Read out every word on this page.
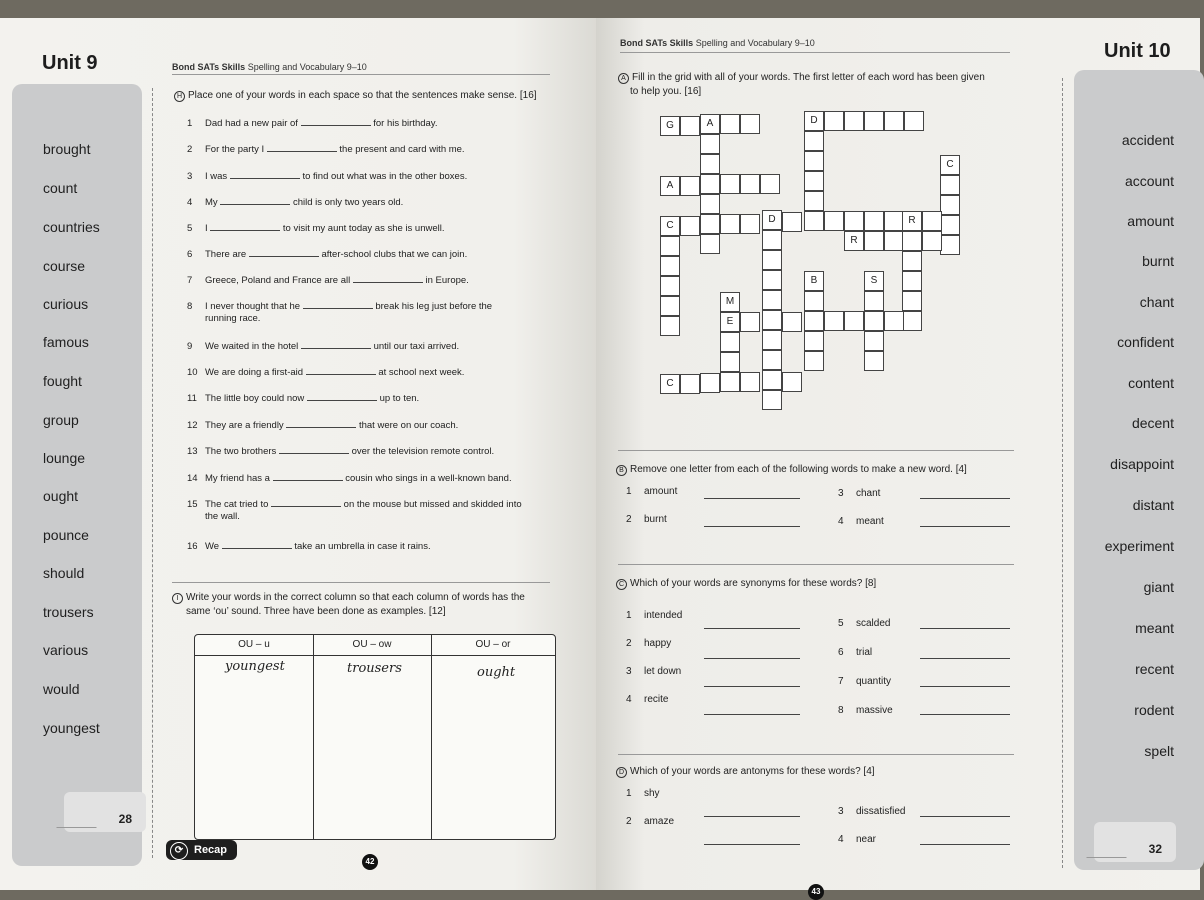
Unit 9
brought
count
countries
course
curious
famous
fought
group
lounge
ought
pounce
should
trousers
various
would
youngest
28
Bond SATs Skills Spelling and Vocabulary 9–10
H Place one of your words in each space so that the sentences make sense. [16]
1 Dad had a new pair of	for his birthday.
2 For the party I	the present and card with me.
3 I was	to find out what was in the other boxes.
4 My	child is only two years old.
5 I	to visit my aunt today as she is unwell.
6 There are	after-school clubs that we can join.
7 Greece, Poland and France are all	in Europe.
8 I never thought that he	break his leg just before the
running race.
9 We waited in the hotel	until our taxi arrived.
10 We are doing a first-aid	at school next week.
11 The little boy could now	up to ten.
12 They are a friendly	that were on our coach.
13 The two brothers	over the television remote control.
14 My friend has a	cousin who sings in a well-known band.
15 The cat tried to	on the mouse but missed and skidded into
the wall.
16 We	take an umbrella in case it rains.
I Write your words in the correct column so that each column of words has the
same ‘ou’ sound. Three have been done as examples. [12]
OU – u	OU – ow	OU – or
youngest	trousers	ought
⟳ Recap
42
Unit 10
Bond SATs Skills Spelling and Vocabulary 9–10
A Fill in the grid with all of your words. The first letter of each word has been given
to help you. [16]
G	A	D
A
C
C
D	R
R
B	S
M
E
C
B Remove one letter from each of the following words to make a new word. [4]
1 amount	3 chant
2 burnt	4 meant
C Which of your words are synonyms for these words? [8]
1 intended
5 scalded
2 happy
6 trial
3 let down
7 quantity
4 recite
8 massive
D Which of your words are antonyms for these words? [4]
1 shy
3 dissatisfied
2 amaze
4 near
accident
account
amount
burnt
chant
confident
content
decent
disappoint
distant
experiment
giant
meant
recent
rodent
spelt
32
43
